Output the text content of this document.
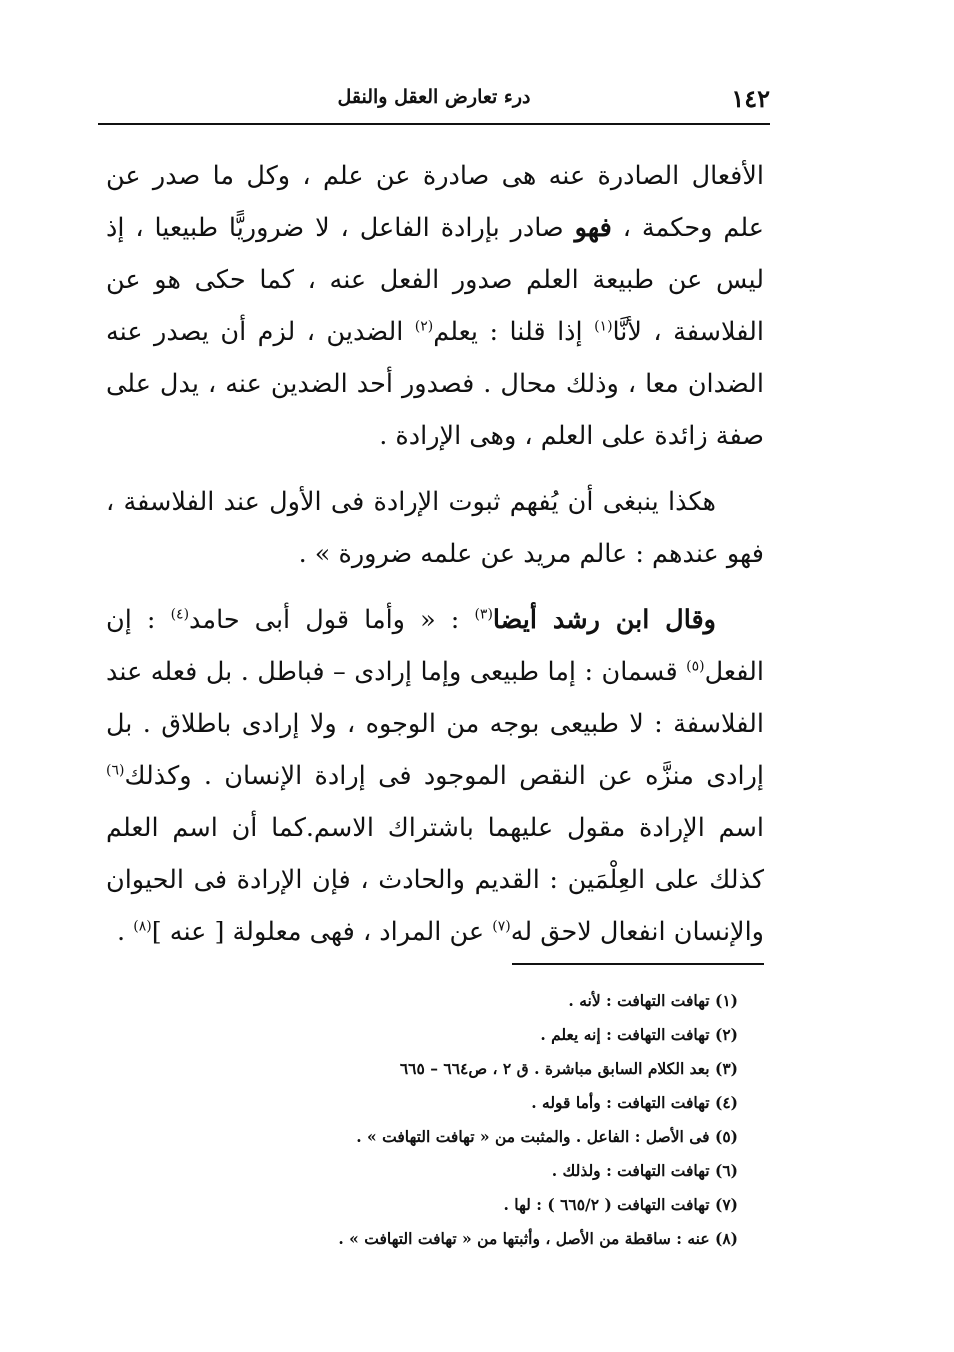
١٤٢
درء تعارض العقل والنقل

الأفعال الصادرة عنه هى صادرة عن علم ، وكل ما صدر عن علم وحكمة ، فهو صادر بإرادة الفاعل ، لا ضروريًّا طبيعيا ، إذ ليس عن طبيعة العلم صدور الفعل عنه ، كما حكى هو عن الفلاسفة ، لأنَّا$^{(١)}$ إذا قلنا : يعلم$^{(٢)}$ الضدين ، لزم أن يصدر عنه الضدان معا ، وذلك محال . فصدور أحد الضدين عنه ، يدل على صفة زائدة على العلم ، وهى الإرادة .

هكذا ينبغى أن يُفهم ثبوت الإرادة فى الأول عند الفلاسفة ، فهو عندهم : عالم مريد عن علمه ضرورة » .

وقال ابن رشد أيضا$^{(٣)}$ : « وأما قول أبى حامد$^{(٤)}$ : إن الفعل$^{(٥)}$ قسمان : إما طبيعى وإما إرادى – فباطل . بل فعله عند الفلاسفة : لا طبيعى بوجه من الوجوه ، ولا إرادى باطلاق . بل إرادى منزَّه عن النقص الموجود فى إرادة الإنسان . وكذلك$^{(٦)}$ اسم الإرادة مقول عليهما باشتراك الاسم.كما أن اسم العلم كذلك على العِلْمَين : القديم والحادث ، فإن الإرادة فى الحيوان والإنسان انفعال لاحق له$^{(٧)}$ عن المراد ، فهى معلولة [ عنه ]$^{(٨)}$ .

(١) تهافت التهافت : لأنه .
(٢) تهافت التهافت : إنه يعلم .
(٣) بعد الكلام السابق مباشرة . ق ٢ ، ص٦٦٤ – ٦٦٥
(٤) تهافت التهافت : وأما قوله .
(٥) فى الأصل : الفاعل . والمثبت من « تهافت التهافت » .
(٦) تهافت التهافت : ولذلك .
(٧) تهافت التهافت ( ٦٦٥/٢ ) : لها .
(٨) عنه : ساقطة من الأصل ، وأثبتها من « تهافت التهافت » .
